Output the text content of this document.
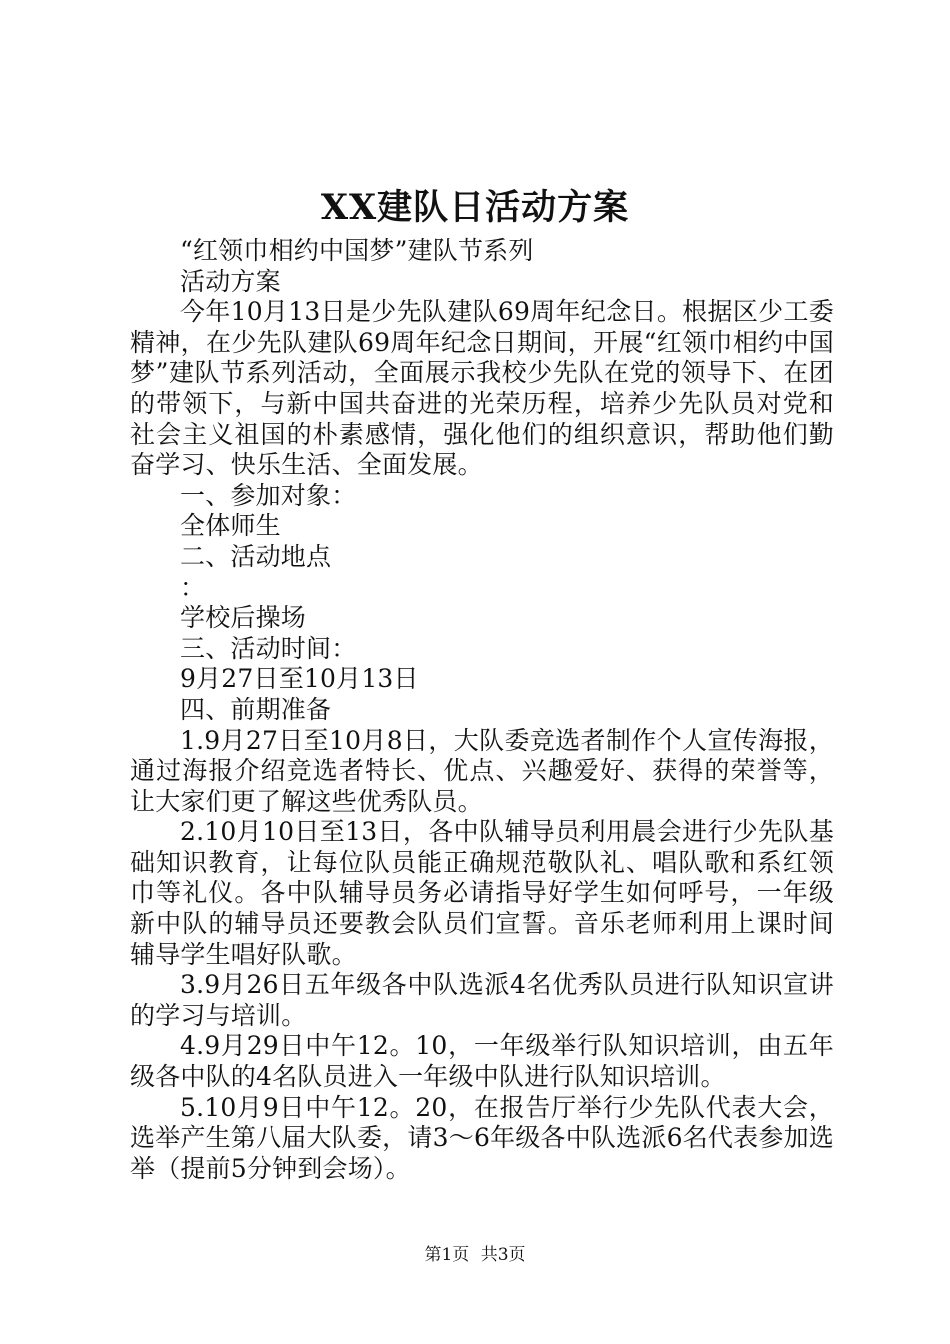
XX建队日活动方案

“红领巾相约中国梦”建队节系列

活动方案

今年10月13日是少先队建队69周年纪念日。根据区少工委精神，在少先队建队69周年纪念日期间，开展“红领巾相约中国梦”建队节系列活动，全面展示我校少先队在党的领导下、在团的带领下，与新中国共奋进的光荣历程，培养少先队员对党和社会主义祖国的朴素感情，强化他们的组织意识，帮助他们勤奋学习、快乐生活、全面发展。

一、参加对象：

全体师生

二、活动地点

：

学校后操场

三、活动时间：

9月27日至10月13日

四、前期准备

1.9月27日至10月8日，大队委竞选者制作个人宣传海报，通过海报介绍竞选者特长、优点、兴趣爱好、获得的荣誉等，让大家们更了解这些优秀队员。

2.10月10日至13日，各中队辅导员利用晨会进行少先队基础知识教育，让每位队员能正确规范敬队礼、唱队歌和系红领巾等礼仪。各中队辅导员务必请指导好学生如何呼号，一年级新中队的辅导员还要教会队员们宣誓。音乐老师利用上课时间辅导学生唱好队歌。

3.9月26日五年级各中队选派4名优秀队员进行队知识宣讲的学习与培训。

4.9月29日中午12。10，一年级举行队知识培训，由五年级各中队的4名队员进入一年级中队进行队知识培训。

5.10月9日中午12。20，在报告厅举行少先队代表大会，选举产生第八届大队委，请3～6年级各中队选派6名代表参加选举（提前5分钟到会场）。

第1页 共3页
